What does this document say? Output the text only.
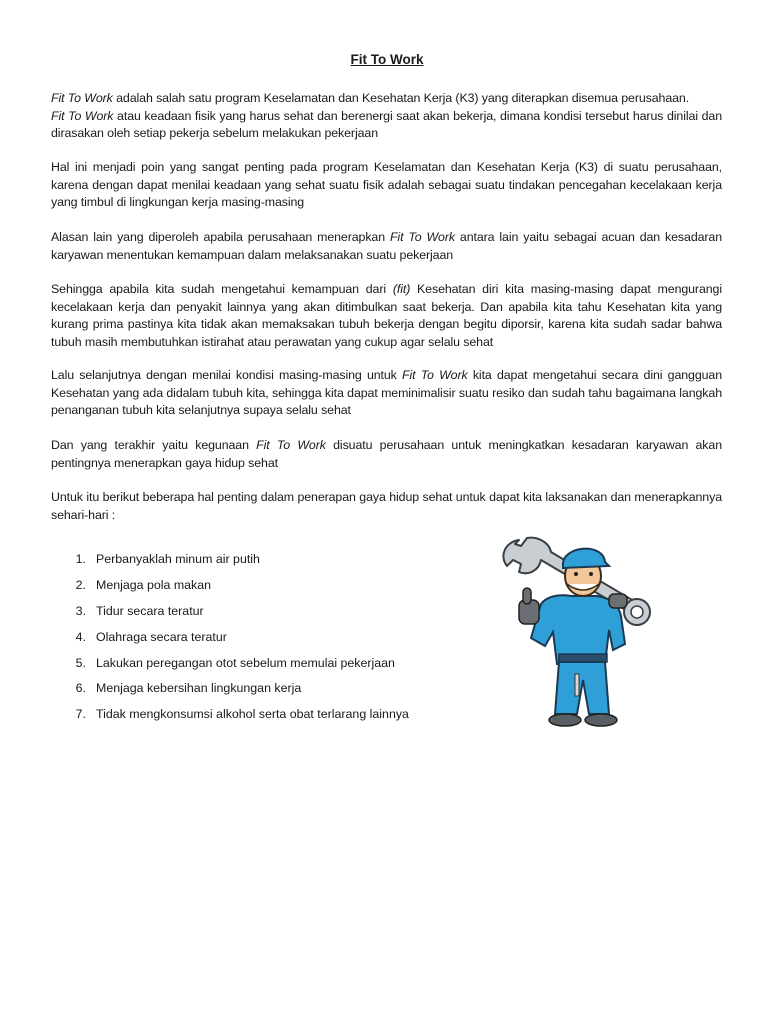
Fit To Work

Fit To Work adalah salah satu program Keselamatan dan Kesehatan Kerja (K3) yang diterapkan disemua perusahaan.
Fit To Work atau keadaan fisik yang harus sehat dan berenergi saat akan bekerja, dimana kondisi tersebut harus dinilai dan dirasakan oleh setiap pekerja sebelum melakukan pekerjaan

Hal ini menjadi poin yang sangat penting pada program Keselamatan dan Kesehatan Kerja (K3) di suatu perusahaan, karena dengan dapat menilai keadaan yang sehat suatu fisik adalah sebagai suatu tindakan pencegahan kecelakaan kerja yang timbul di lingkungan kerja masing-masing

Alasan lain yang diperoleh apabila perusahaan menerapkan Fit To Work antara lain yaitu sebagai acuan dan kesadaran karyawan menentukan kemampuan dalam melaksanakan suatu pekerjaan

Sehingga apabila kita sudah mengetahui kemampuan dari (fit) Kesehatan diri kita masing-masing dapat mengurangi kecelakaan kerja dan penyakit lainnya yang akan ditimbulkan saat bekerja. Dan apabila kita tahu Kesehatan kita yang kurang prima pastinya kita tidak akan memaksakan tubuh bekerja dengan begitu diporsir, karena kita sudah sadar bahwa tubuh masih membutuhkan istirahat atau perawatan yang cukup agar selalu sehat

Lalu selanjutnya dengan menilai kondisi masing-masing untuk Fit To Work kita dapat mengetahui secara dini gangguan Kesehatan yang ada didalam tubuh kita, sehingga kita dapat meminimalisir suatu resiko dan sudah tahu bagaimana langkah penanganan tubuh kita selanjutnya supaya selalu sehat

Dan yang terakhir yaitu kegunaan Fit To Work disuatu perusahaan untuk meningkatkan kesadaran karyawan akan pentingnya menerapkan gaya hidup sehat

Untuk itu berikut beberapa hal penting dalam penerapan gaya hidup sehat untuk dapat kita laksanakan dan menerapkannya sehari-hari :

1. Perbanyaklah minum air putih
2. Menjaga pola makan
3. Tidur secara teratur
4. Olahraga secara teratur
5. Lakukan peregangan otot sebelum memulai pekerjaan
6. Menjaga kebersihan lingkungan kerja
7. Tidak mengkonsumsi alkohol serta obat terlarang lainnya
